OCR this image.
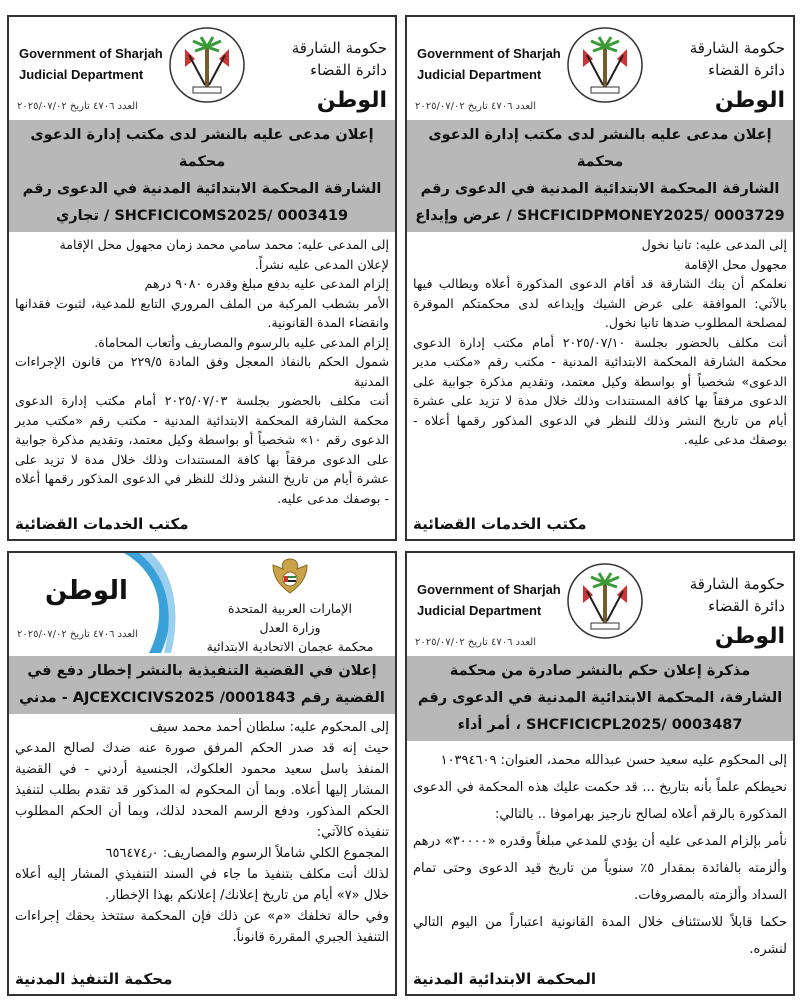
Government of Sharjah
Judicial Department
حكومة الشارقة
دائرة القضاء
الوطن
العدد ٤٧٠٦ تاريخ ٢٠٢٥/٠٧/٠٢
إعلان مدعى عليه بالنشر لدى مكتب إدارة الدعوى محكمة
الشارقة المحكمة الابتدائية المدنية في الدعوى رقم
SHCFICIDPMONEY2025/ 0003729 / عرض وإيداع

إلى المدعى عليه: تانيا نخول

مجهول محل الإقامة

نعلمكم أن بنك الشارقة قد أقام الدعوى المذكورة أعلاه ويطالب فيها بالآتي: الموافقة على عرض الشيك وإيداعه لدى محكمتكم الموقرة لمصلحة المطلوب ضدها تانيا نخول.

أنت مكلف بالحضور بجلسة ٢٠٢٥/٠٧/١٠ أمام مكتب إدارة الدعوى محكمة الشارقة المحكمة الابتدائية المدنية - مكتب رقم «مكتب مدير الدعوى» شخصياً أو بواسطة وكيل معتمد، وتقديم مذكرة جوابية على الدعوى مرفقاً بها كافة المستندات وذلك خلال مدة لا تزيد على عشرة أيام من تاريخ النشر وذلك للنظر في الدعوى المذكور رقمها أعلاه - بوصفك مدعى عليه.

مكتب الخدمات القضائية
Government of Sharjah
Judicial Department
حكومة الشارقة
دائرة القضاء
الوطن
العدد ٤٧٠٦ تاريخ ٢٠٢٥/٠٧/٠٢
إعلان مدعى عليه بالنشر لدى مكتب إدارة الدعوى محكمة
الشارقة المحكمة الابتدائية المدنية في الدعوى رقم
SHCFICICOMS2025/ 0003419 / تجاري

إلى المدعى عليه: محمد سامي محمد زمان مجهول محل الإقامة

لإعلان المدعى عليه نشراً.

إلزام المدعى عليه بدفع مبلغ وقدره ٩٠٨٠ درهم

الأمر بشطب المركبة من الملف المروري التابع للمدعية، لثبوت فقدانها وانقضاء المدة القانونية.

إلزام المدعى عليه بالرسوم والمصاريف وأتعاب المحاماة.

شمول الحكم بالنفاذ المعجل وفق المادة ٢٢٩/٥ من قانون الإجراءات المدنية

أنت مكلف بالحضور بجلسة ٢٠٢٥/٠٧/٠٣ أمام مكتب إدارة الدعوى محكمة الشارقة المحكمة الابتدائية المدنية - مكتب رقم «مكتب مدير الدعوى رقم ١٠» شخصياً أو بواسطة وكيل معتمد، وتقديم مذكرة جوابية على الدعوى مرفقاً بها كافة المستندات وذلك خلال مدة لا تزيد على عشرة أيام من تاريخ النشر وذلك للنظر في الدعوى المذكور رقمها أعلاه - بوصفك مدعى عليه.

مكتب الخدمات القضائية
Government of Sharjah
Judicial Department
حكومة الشارقة
دائرة القضاء
الوطن
العدد ٤٧٠٦ تاريخ ٢٠٢٥/٠٧/٠٢
مذكرة إعلان حكم بالنشر صادرة من محكمة
الشارقة، المحكمة الابتدائية المدنية في الدعوى رقم
SHCFICICPL2025/ 0003487 ، أمر أداء

إلى المحكوم عليه سعيد حسن عبدالله محمد، العنوان: ١٠٣٩٤٦٠٩

نحيطكم علماً بأنه بتاريخ ... قد حكمت عليك هذه المحكمة في الدعوى المذكورة بالرقم أعلاه لصالح نارجيز بهراموفا .. بالتالي:

نأمر بإلزام المدعى عليه أن يؤدي للمدعي مبلغاً وقدره «٣٠٠٠٠» درهم وألزمته بالفائدة بمقدار ٥٪ سنوياً من تاريخ قيد الدعوى وحتى تمام السداد وألزمته بالمصروفات.

حكما قابلاً للاستئناف خلال المدة القانونية اعتباراً من اليوم التالي لنشره.

المحكمة الابتدائية المدنية
الإمارات العربية المتحدة
وزارة العدل
محكمة عجمان الاتحادية الابتدائية
الوطن
العدد ٤٧٠٦ تاريخ ٢٠٢٥/٠٧/٠٢
إعلان في القضية التنفيذية بالنشر إخطار دفع في
القضية رقم AJCEXCICIVS2025 /0001843 - مدني

إلى المحكوم عليه: سلطان أحمد محمد سيف

حيث إنه قد صدر الحكم المرفق صورة عنه ضدك لصالح المدعي المنفذ باسل سعيد محمود العلكوك، الجنسية أردني - في القضية المشار إليها أعلاه. وبما أن المحكوم له المذكور قد تقدم بطلب لتنفيذ الحكم المذكور، ودفع الرسم المحدد لذلك، وبما أن الحكم المطلوب تنفيذه كالآتي:

المجموع الكلي شاملاً الرسوم والمصاريف: ٦٥٦٤٧٤٫٠

لذلك أنت مكلف بتنفيذ ما جاء في السند التنفيذي المشار إليه أعلاه خلال «٧» أيام من تاريخ إعلانك/ إعلانكم بهذا الإخطار.

وفي حالة تخلفك «م» عن ذلك فإن المحكمة ستتخذ بحقك إجراءات التنفيذ الجبري المقررة قانوناً.

محكمة التنفيذ المدنية
